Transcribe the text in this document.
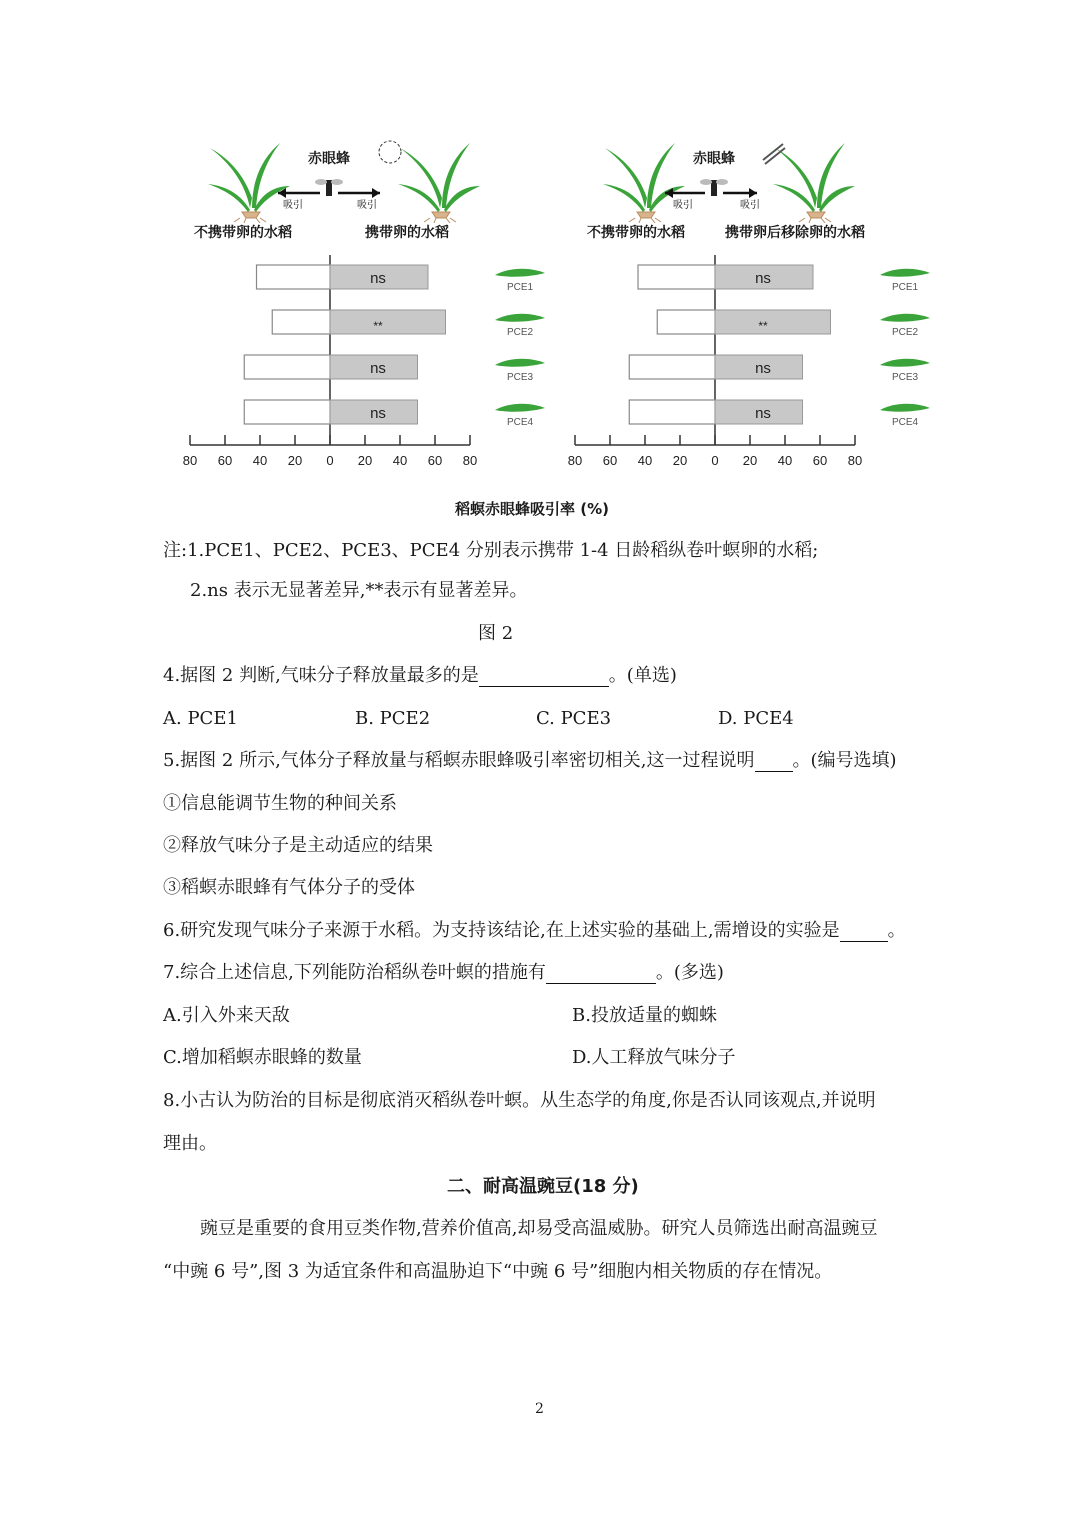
赤眼蜂
吸引	吸引
不携带卵的水稻	携带卵的水稻
赤眼蜂
吸引	吸引
不携带卵的水稻	携带卵后移除卵的水稻
ns
PCE1
**	PCE2
ns
PCE3
ns
PCE4
80 60 40 20 0 20 40 60 80
ns
PCE1
**	PCE2
ns
PCE3
ns
PCE4
80 60 40 20 0 20 40 60 80
稻螟赤眼蜂吸引率 (%)
注:1.PCE1、PCE2、PCE3、PCE4 分别表示携带 1-4 日龄稻纵卷叶螟卵的水稻;
2.ns 表示无显著差异,**表示有显著差异。
图 2
4.据图 2 判断,气味分子释放量最多的是	。(单选)
A. PCE1	B. PCE2	C. PCE3	D. PCE4
5.据图 2 所示,气体分子释放量与稻螟赤眼蜂吸引率密切相关,这一过程说明 。(编号选填)
①信息能调节生物的种间关系
②释放气味分子是主动适应的结果
③稻螟赤眼蜂有气体分子的受体
6.研究发现气味分子来源于水稻。为支持该结论,在上述实验的基础上,需增设的实验是	。
7.综合上述信息,下列能防治稻纵卷叶螟的措施有	。(多选)
A.引入外来天敌	B.投放适量的蜘蛛
C.增加稻螟赤眼蜂的数量	D.人工释放气味分子
8.小古认为防治的目标是彻底消灭稻纵卷叶螟。从生态学的角度,你是否认同该观点,并说明
理由。
二、耐高温豌豆(18 分)
豌豆是重要的食用豆类作物,营养价值高,却易受高温威胁。研究人员筛选出耐高温豌豆
“中豌 6 号”,图 3 为适宜条件和高温胁迫下“中豌 6 号”细胞内相关物质的存在情况。
2
